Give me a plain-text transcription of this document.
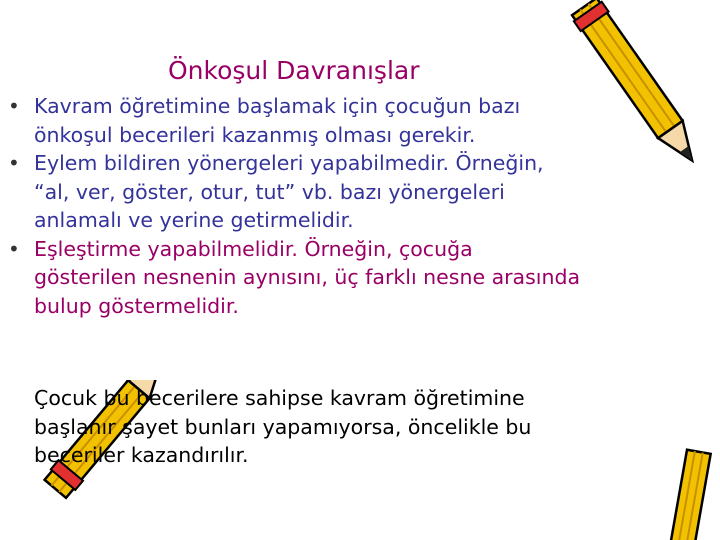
Önkoşul Davranışlar
• Kavram öğretimine başlamak için çocuğun bazı
önkoşul becerileri kazanmış olması gerekir.
• Eylem bildiren yönergeleri yapabilmedir. Örneğin,
“al, ver, göster, otur, tut” vb. bazı yönergeleri
anlamalı ve yerine getirmelidir.
• Eşleştirme yapabilmelidir. Örneğin, çocuğa
gösterilen nesnenin aynısını, üç farklı nesne arasında
bulup göstermelidir.
Çocuk bu becerilere sahipse kavram öğretimine
başlanır şayet bunları yapamıyorsa, öncelikle bu
beceriler kazandırılır.
